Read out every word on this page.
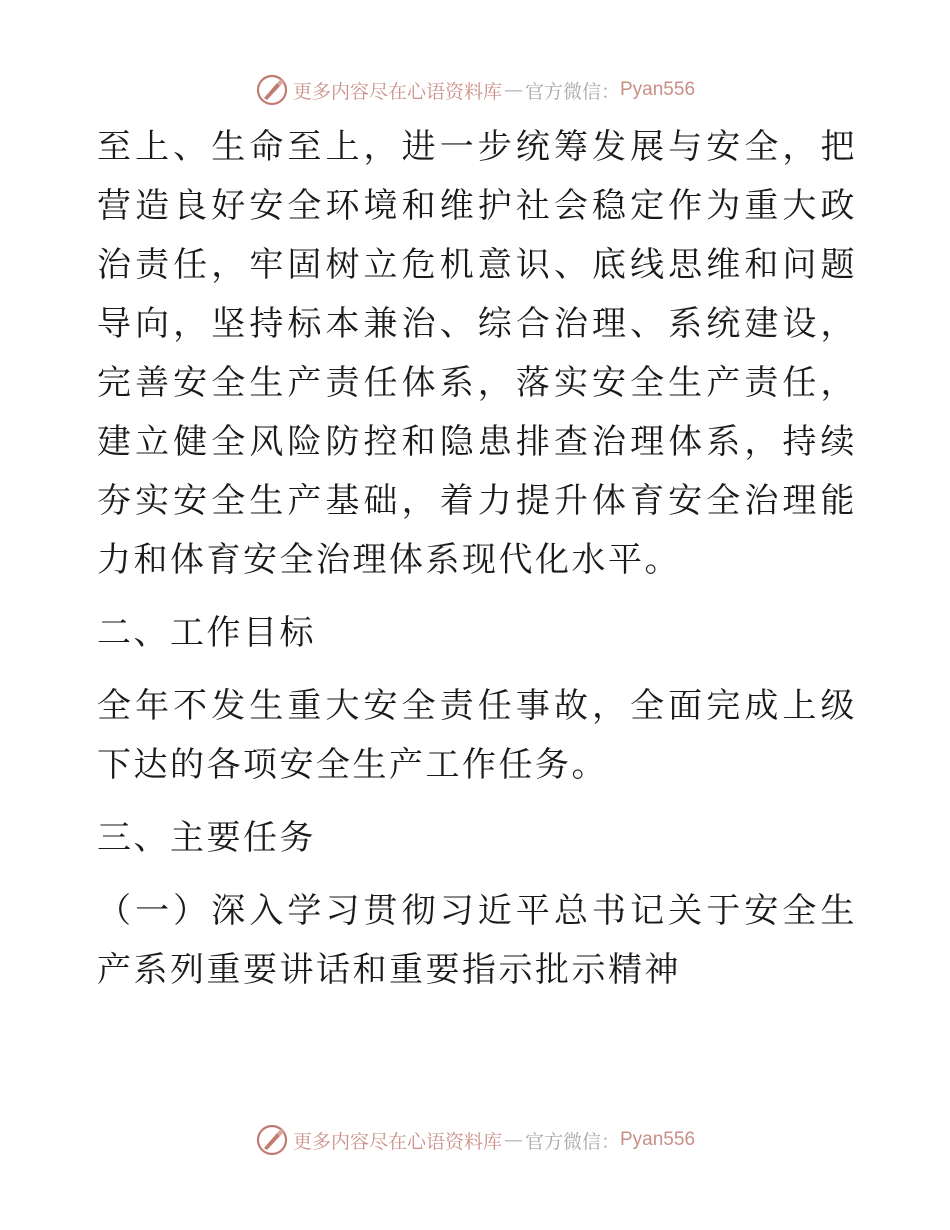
更多内容尽在心语资料库 — 官方微信： Pyan556

至上、生命至上，进一步统筹发展与安全，把营造良好安全环境和维护社会稳定作为重大政治责任，牢固树立危机意识、底线思维和问题导向，坚持标本兼治、综合治理、系统建设，完善安全生产责任体系，落实安全生产责任，建立健全风险防控和隐患排查治理体系，持续夯实安全生产基础，着力提升体育安全治理能力和体育安全治理体系现代化水平。

二、工作目标

全年不发生重大安全责任事故，全面完成上级下达的各项安全生产工作任务。

三、主要任务

（一）深入学习贯彻习近平总书记关于安全生产系列重要讲话和重要指示批示精神

更多内容尽在心语资料库 — 官方微信： Pyan556
